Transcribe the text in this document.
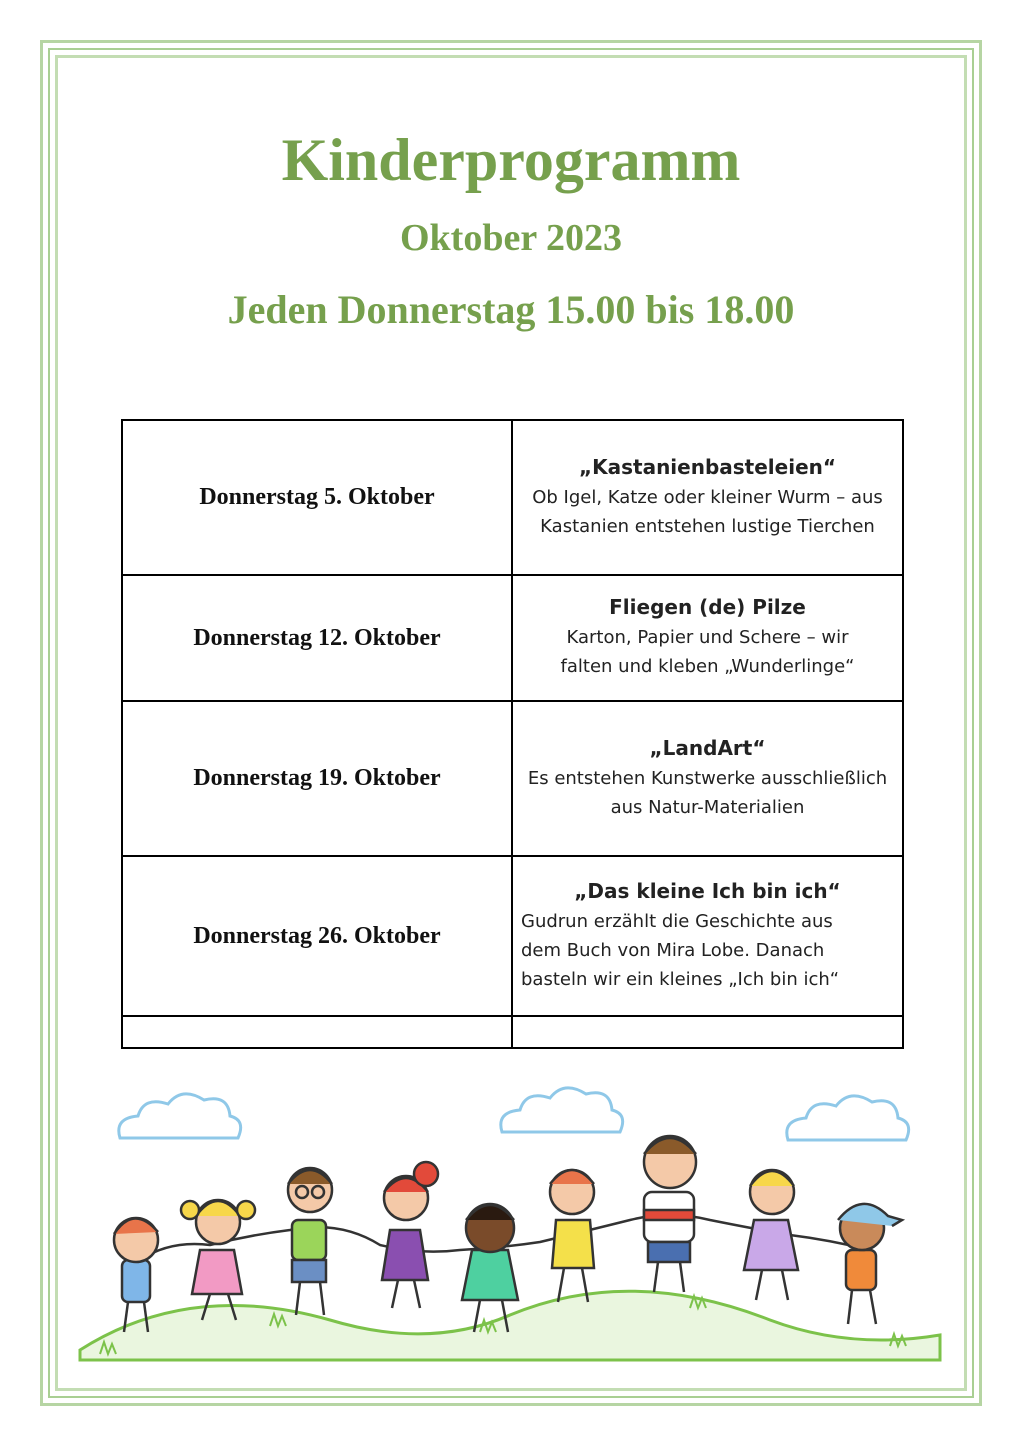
Kinderprogramm
Oktober 2023
Jeden Donnerstag 15.00 bis 18.00
Donnerstag 5. Oktober	„Kastanienbasteleien“
Ob Igel, Katze oder kleiner Wurm – aus Kastanien entstehen lustige Tierchen

Donnerstag 12. Oktober	Fliegen (de) Pilze
Karton, Papier und Schere – wir falten und kleben „Wunderlinge“

Donnerstag 19. Oktober	„LandArt“
Es entstehen Kunstwerke ausschließlich aus Natur-Materialien

Donnerstag 26. Oktober	„Das kleine Ich bin ich“
Gudrun erzählt die Geschichte aus dem Buch von Mira Lobe. Danach basteln wir ein kleines „Ich bin ich“
